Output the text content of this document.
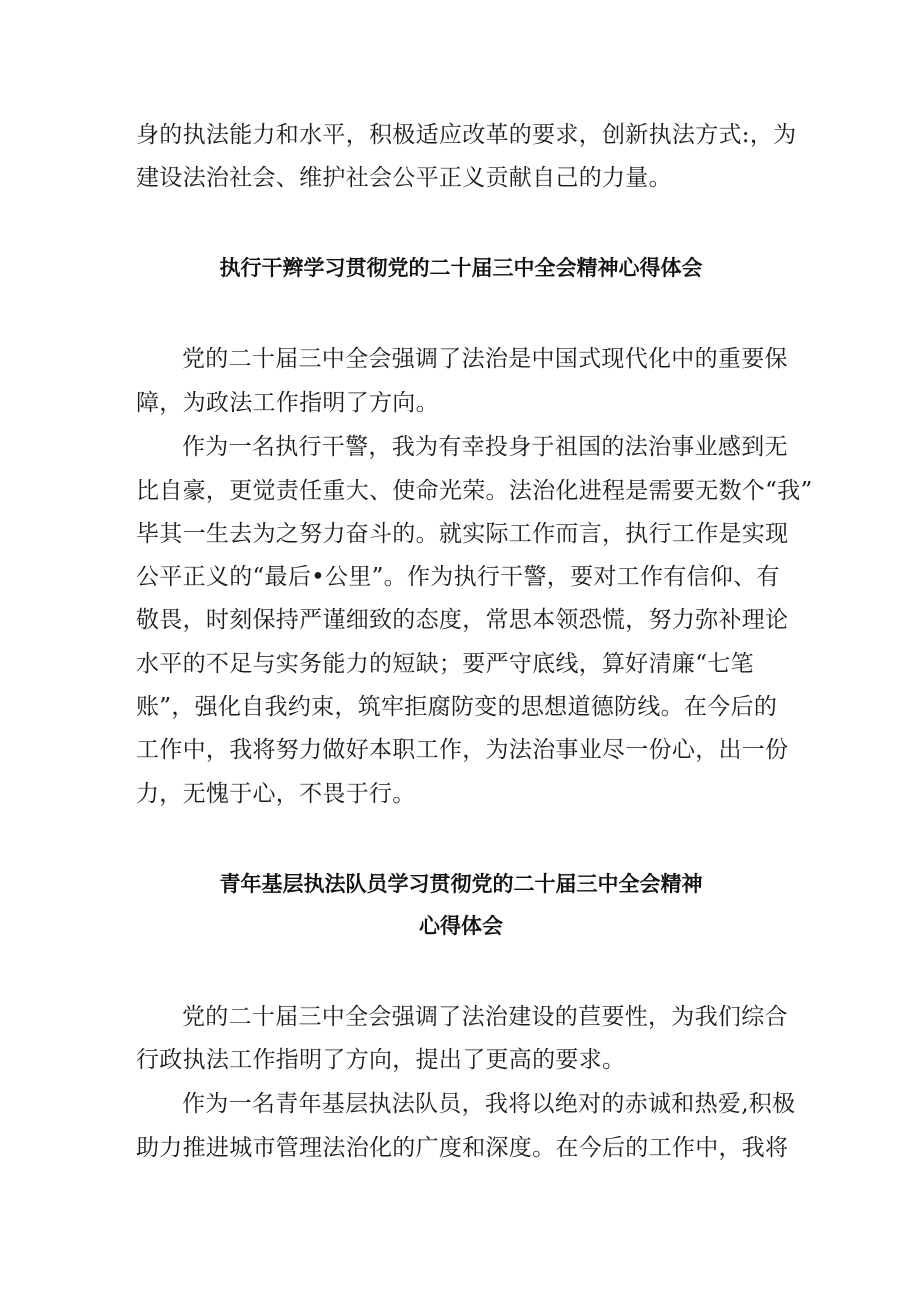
身的执法能力和水平，积极适应改革的要求，创新执法方式:，为
建设法治社会、维护社会公平正义贡献自己的力量。
执行干辫学习贯彻党的二十届三中全会精神心得体会
党的二十届三中全会强调了法治是中国式现代化中的重要保
障，为政法工作指明了方向。
作为一名执行干警，我为有幸投身于祖国的法治事业感到无
比自豪，更觉责任重大、使命光荣。法治化进程是需要无数个“我”
毕其一生去为之努力奋斗的。就实际工作而言，执行工作是实现
公平正义的“最后•公里”。作为执行干警，要对工作有信仰、有
敬畏，时刻保持严谨细致的态度，常思本领恐慌，努力弥补理论
水平的不足与实务能力的短缺；要严守底线，算好清廉“七笔
账”，强化自我约束，筑牢拒腐防变的思想道德防线。在今后的
工作中，我将努力做好本职工作，为法治事业尽一份心，出一份
力，无愧于心，不畏于行。
青年基层执法队员学习贯彻党的二十届三中全会精神
心得体会
党的二十届三中全会强调了法治建设的苣要性，为我们综合
行政执法工作指明了方向，提出了更高的要求。
作为一名青年基层执法队员，我将以绝对的赤诚和热爱,积极
助力推进城市管理法治化的广度和深度。在今后的工作中，我将
